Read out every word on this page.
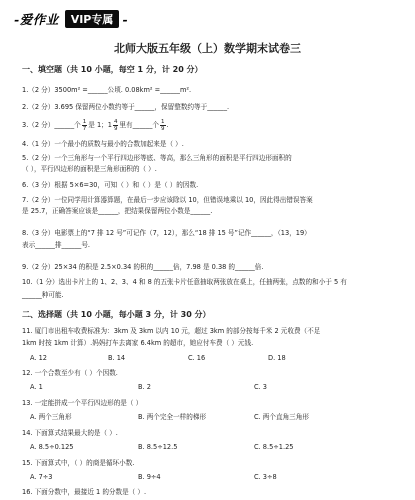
-爱作业	VIP专属 -
北师大版五年级（上）数学期末试卷三
一、填空题（共 10 小题，每空 1 分，计 20 分）
1.（2 分）3500m² =______公顷. 0.08km² =______m².
2.（2 分）3.695 保留两位小数约等于______，保留整数约等于______.
3.（2 分）______个 $\frac{1}{7}$ 是 1；$1 \frac{4}{9}$ 里有______个 $\frac{1}{9}$ .
4.（1 分）一个最小的质数与最小的合数加起来是（ ）.
5.（2 分）一个三角形与一个平行四边形等底、等高，那么三角形的面积是平行四边形面积的
（ ），平行四边形的面积是三角形面积的（ ）.
6.（3 分）根据 5×6=30，可知（ ）和（ ）是（ ）的因数.
7.（2 分）一位同学用计算器算题，在最后一步应该除以 10，但错误地乘以 10，因此得出错误答案
是 25.7，正确答案应该是______，把结果保留两位小数是______.
8.（3 分）电影票上的“7 排 12 号”可记作（7，12），那么“18 排 15 号”记作______，（13，19）
表示______排______号.
9.（2 分）25×34 的积是 2.5×0.34 的积的______倍，7.98 是 0.38 的______倍.
10.（1 分）选出卡片上的 1、2、3、4 和 8 的五张卡片任意抽取两张放在桌上，任抽两张，点数的和小于 5 有
______种可能.
二、选择题（共 10 小题，每小题 3 分，计 30 分）
11. 厦门市出租车收费标准为：3km 及 3km 以内 10 元，超过 3km 的部分按每千米 2 元收费（不足
1km 时按 1km 计算）.妈妈打车去离家 6.4km 的超市，她应付车费（ ）元钱.
A. 12	B. 14	C. 16	D. 18
12. 一个合数至少有（ ）个因数.
A. 1	B. 2	C. 3
13. 一定能拼成一个平行四边形的是（ ）
A. 两个三角形	B. 两个完全一样的梯形	C. 两个直角三角形
14. 下面算式结果最大的是（ ）.
A. 8.5÷0.125	B. 8.5÷12.5	C. 8.5÷1.25
15. 下面算式中，（ ）的商是循环小数.
A. 7÷3	B. 9÷4	C. 3÷8
16. 下面分数中，最接近 1 的分数是（ ）.
